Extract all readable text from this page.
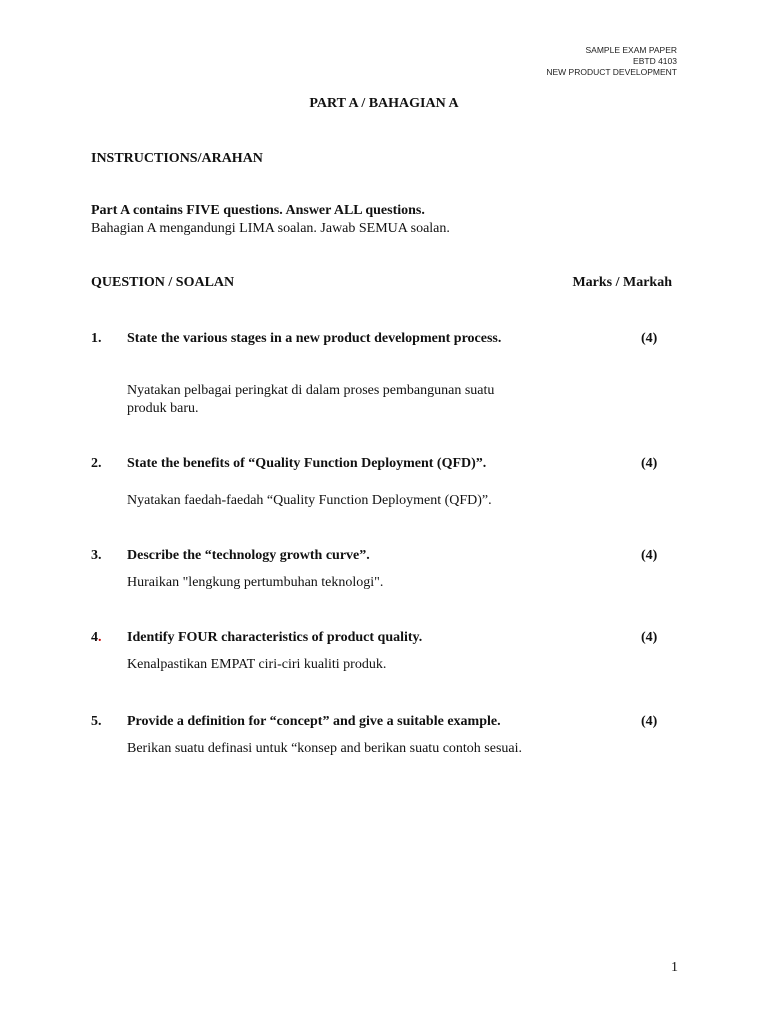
SAMPLE EXAM PAPER
EBTD 4103
NEW PRODUCT DEVELOPMENT
PART A / BAHAGIAN A
INSTRUCTIONS/ARAHAN
Part A contains FIVE questions. Answer ALL questions.
Bahagian A mengandungi LIMA soalan. Jawab SEMUA soalan.
QUESTION / SOALAN	Marks / Markah
1. State the various stages in a new product development process.	(4)
Nyatakan pelbagai peringkat di dalam proses pembangunan suatu produk baru.
2. State the benefits of “Quality Function Deployment (QFD)”.	(4)
Nyatakan faedah-faedah “Quality Function Deployment (QFD)”.
3. Describe the “technology growth curve”.	(4)
Huraikan "lengkung pertumbuhan teknologi".
4. Identify FOUR characteristics of product quality.	(4)
Kenalpastikan EMPAT ciri-ciri kualiti produk.
5. Provide a definition for “concept” and give a suitable example.	(4)
Berikan suatu definasi untuk “konsep and berikan suatu contoh sesuai.
1
